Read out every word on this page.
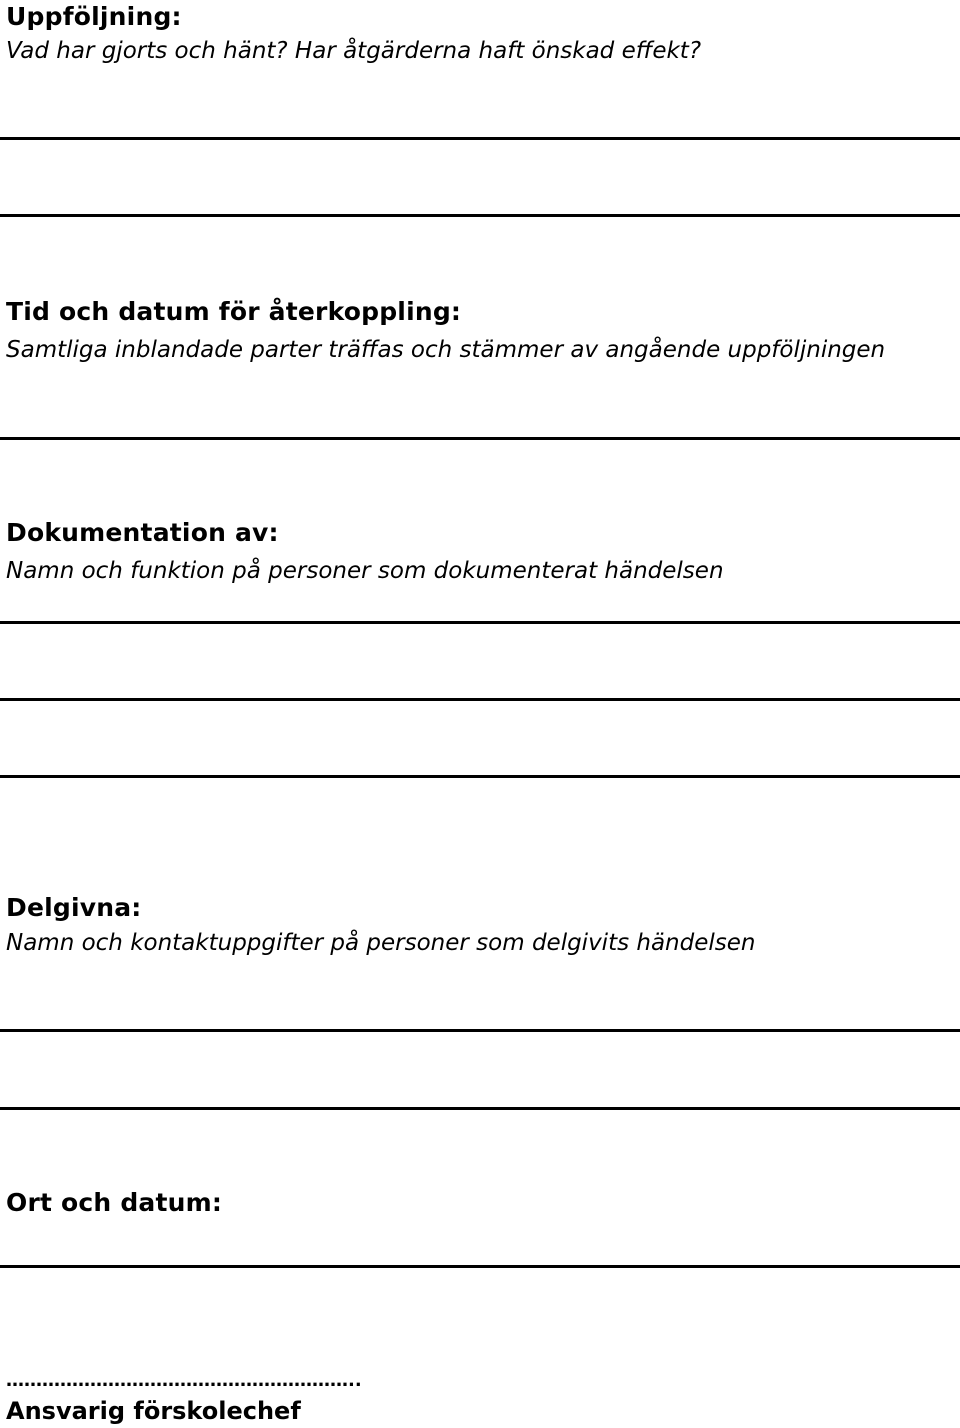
Uppföljning:
Vad har gjorts och hänt? Har åtgärderna haft önskad effekt?
Tid och datum för återkoppling:
Samtliga inblandade parter träffas och stämmer av angående uppföljningen
Dokumentation av:
Namn och funktion på personer som dokumenterat händelsen
Delgivna:
Namn och kontaktuppgifter på personer som delgivits händelsen
Ort och datum:
…………………………………………………..
Ansvarig förskolechef
